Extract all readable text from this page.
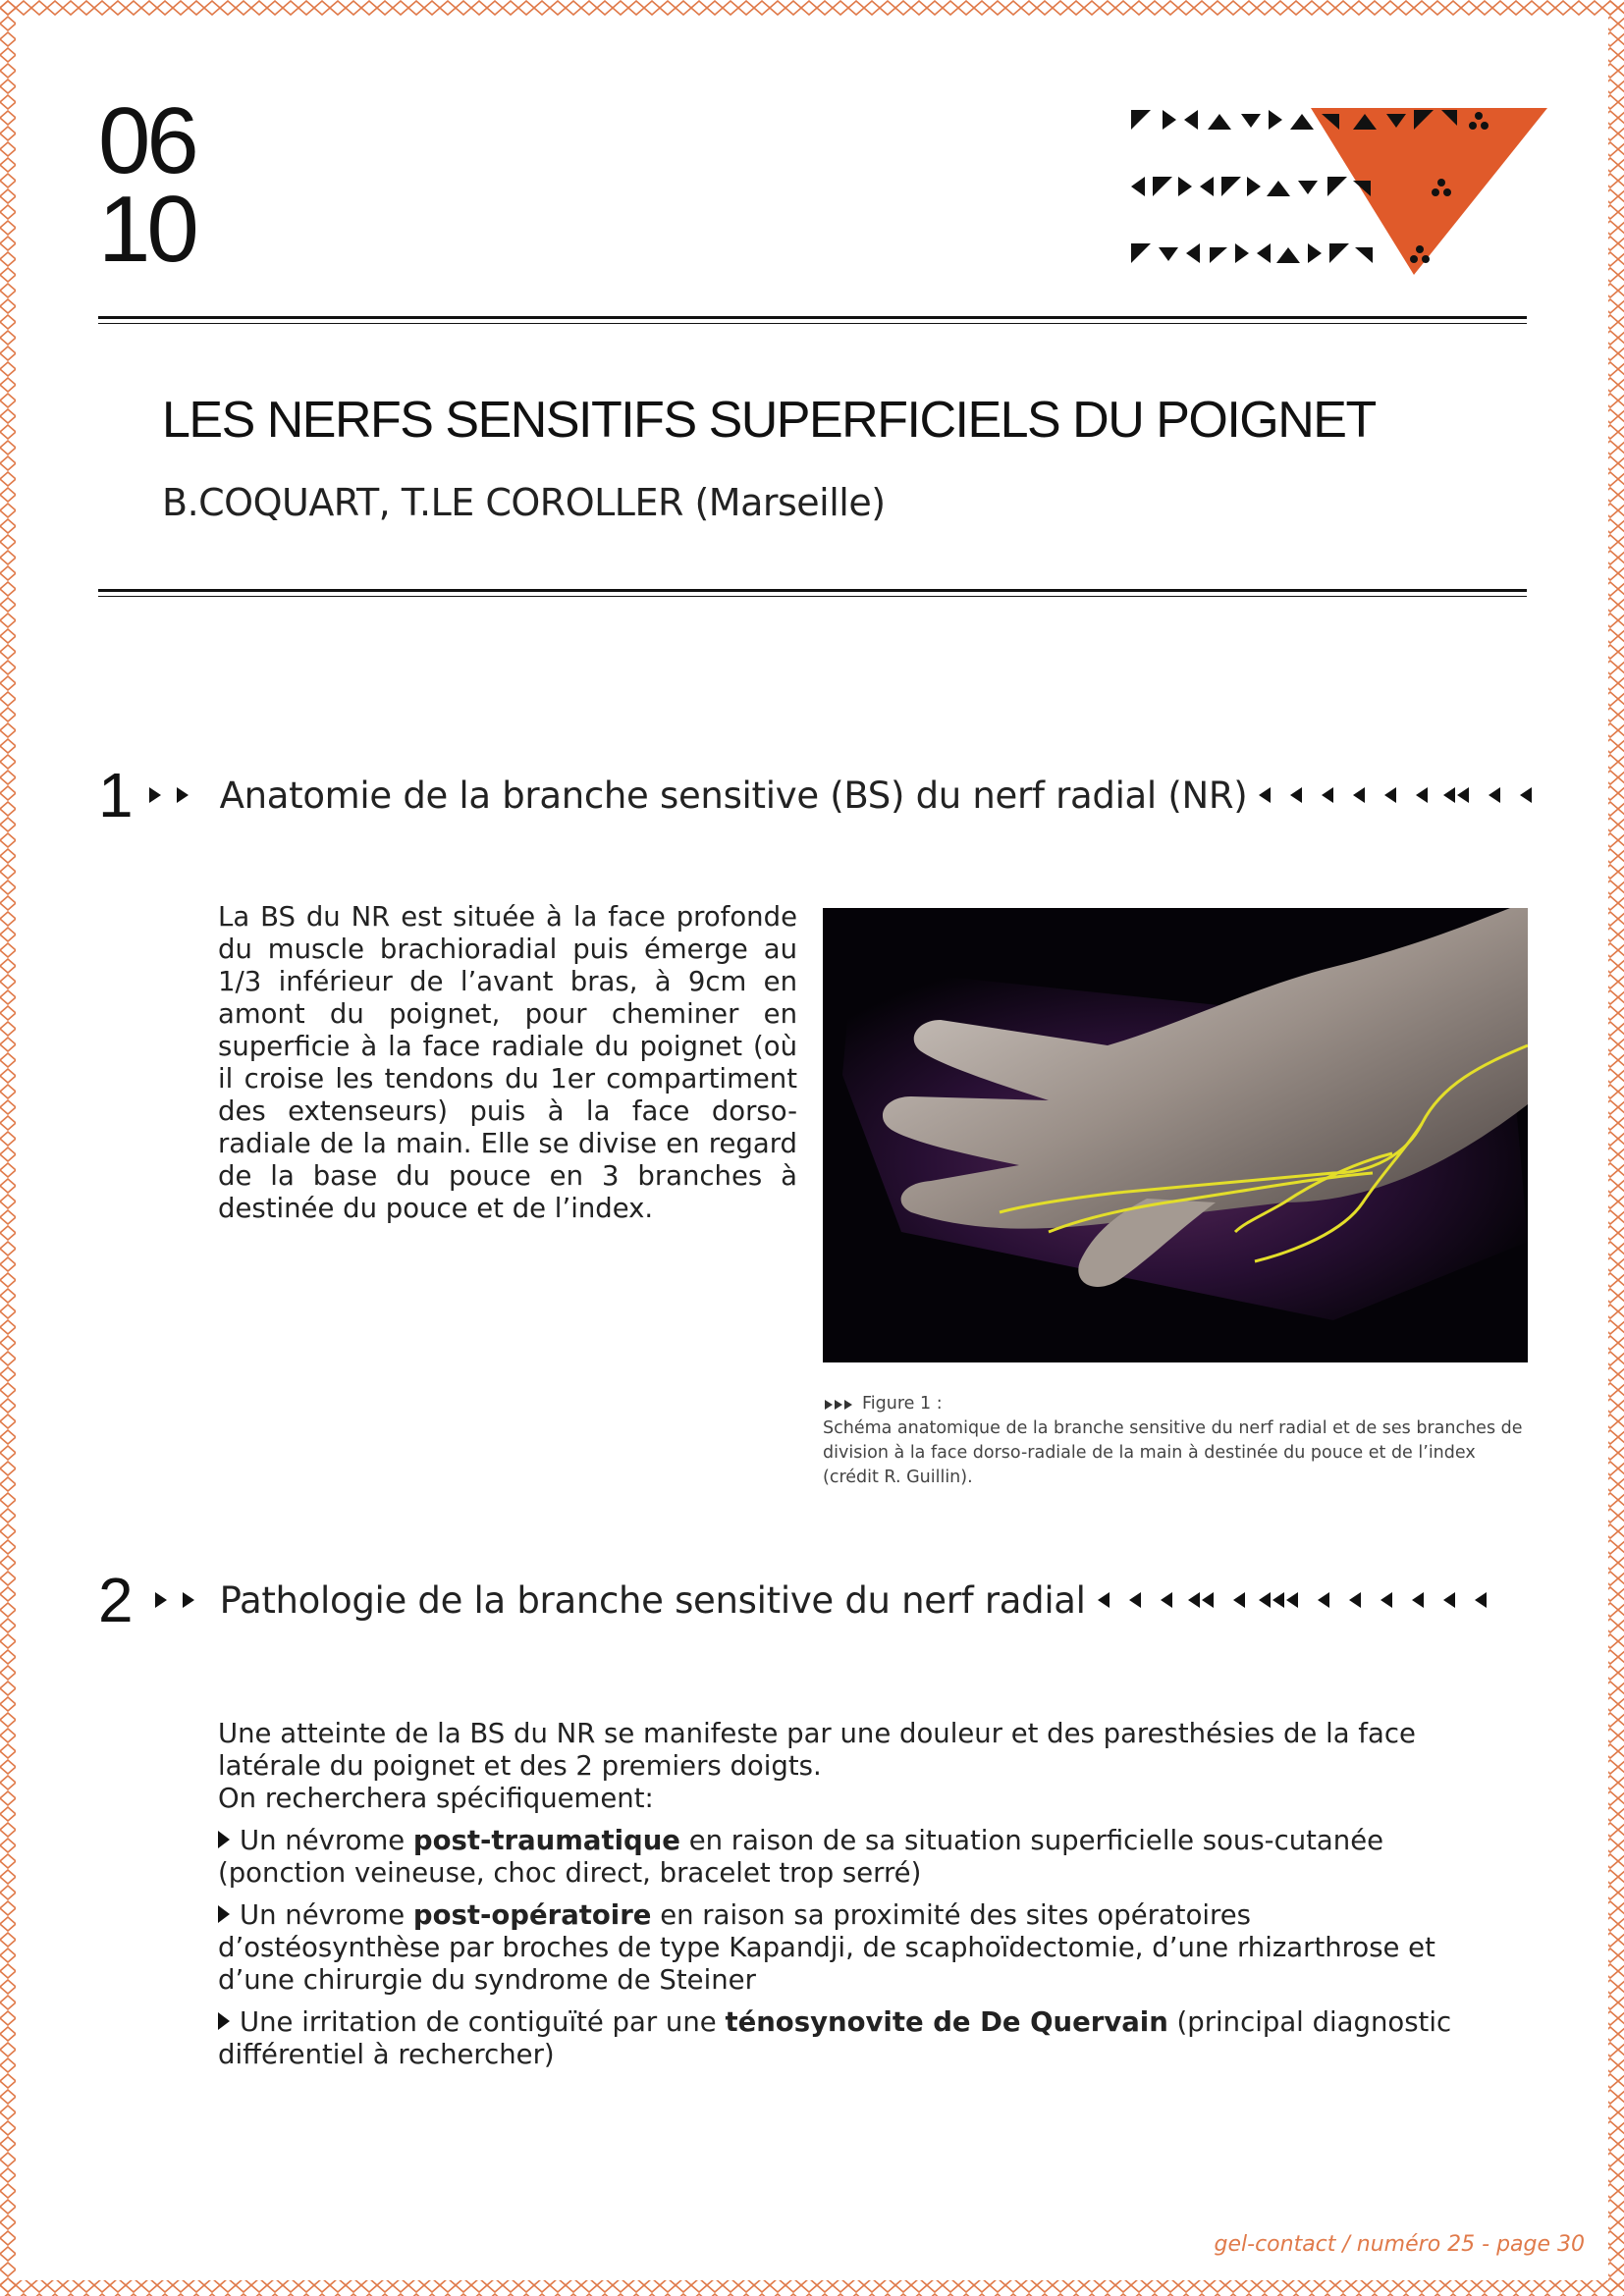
06
10
LES NERFS SENSITIFS SUPERFICIELS DU POIGNET
B.COQUART, T.LE COROLLER (Marseille)
1 Anatomie de la branche sensitive (BS) du nerf radial (NR)

La BS du NR est située à la face profonde du muscle brachioradial puis émerge au 1/3 inférieur de l’avant bras, à 9cm en amont du poignet, pour cheminer en superficie à la face radiale du poignet (où il croise les tendons du 1er compartiment des extenseurs) puis à la face dorso-radiale de la main. Elle se divise en regard de la base du pouce en 3 branches à destinée du pouce et de l’index.

Figure 1 :
Schéma anatomique de la branche sensitive du nerf radial et de ses branches de division à la face dorso-radiale de la main à destinée du pouce et de l’index (crédit R. Guillin).
2 Pathologie de la branche sensitive du nerf radial

Une atteinte de la BS du NR se manifeste par une douleur et des paresthésies de la face latérale du poignet et des 2 premiers doigts.

On recherchera spécifiquement:

Un névrome post-traumatique en raison de sa situation superficielle sous-cutanée (ponction veineuse, choc direct, bracelet trop serré)

Un névrome post-opératoire en raison sa proximité des sites opératoires d’ostéosynthèse par broches de type Kapandji, de scaphoïdectomie, d’une rhizarthrose et d’une chirurgie du syndrome de Steiner

Une irritation de contiguïté par une ténosynovite de De Quervain (principal diagnostic différentiel à rechercher)

gel-contact / numéro 25 - page 30
